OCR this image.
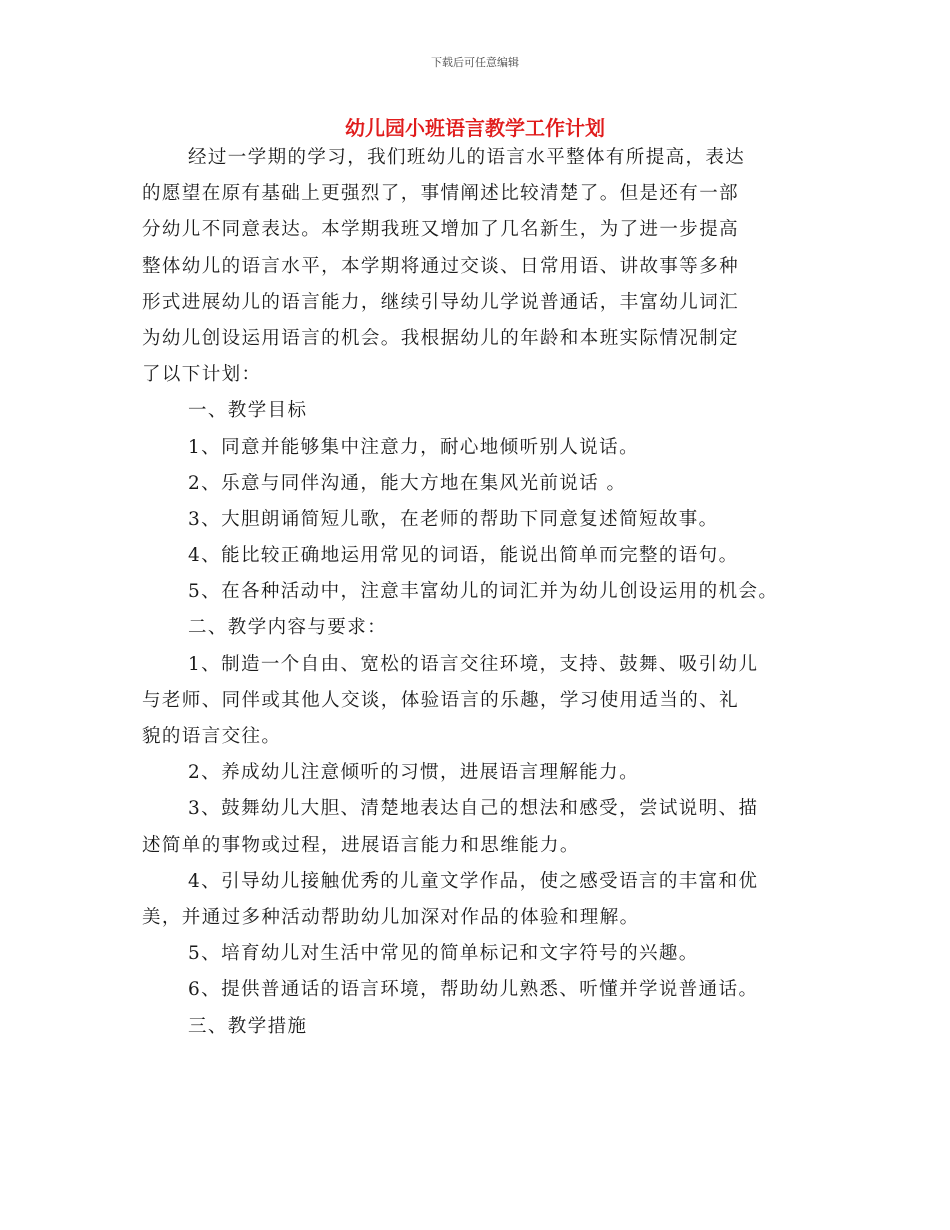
下载后可任意编辑
幼儿园小班语言教学工作计划
经过一学期的学习，我们班幼儿的语言水平整体有所提高，表达
的愿望在原有基础上更强烈了，事情阐述比较清楚了。但是还有一部
分幼儿不同意表达。本学期我班又增加了几名新生，为了进一步提高
整体幼儿的语言水平，本学期将通过交谈、日常用语、讲故事等多种
形式进展幼儿的语言能力，继续引导幼儿学说普通话，丰富幼儿词汇
为幼儿创设运用语言的机会。我根据幼儿的年龄和本班实际情况制定
了以下计划：
一、教学目标
1、同意并能够集中注意力，耐心地倾听别人说话。
2、乐意与同伴沟通，能大方地在集风光前说话 。
3、大胆朗诵简短儿歌，在老师的帮助下同意复述简短故事。
4、能比较正确地运用常见的词语，能说出简单而完整的语句。
5、在各种活动中，注意丰富幼儿的词汇并为幼儿创设运用的机会。
二、教学内容与要求：
1、制造一个自由、宽松的语言交往环境，支持、鼓舞、吸引幼儿
与老师、同伴或其他人交谈，体验语言的乐趣，学习使用适当的、礼
貌的语言交往。
2、养成幼儿注意倾听的习惯，进展语言理解能力。
3、鼓舞幼儿大胆、清楚地表达自己的想法和感受，尝试说明、描
述简单的事物或过程，进展语言能力和思维能力。
4、引导幼儿接触优秀的儿童文学作品，使之感受语言的丰富和优
美，并通过多种活动帮助幼儿加深对作品的体验和理解。
5、培育幼儿对生活中常见的简单标记和文字符号的兴趣。
6、提供普通话的语言环境，帮助幼儿熟悉、听懂并学说普通话。
三、教学措施
